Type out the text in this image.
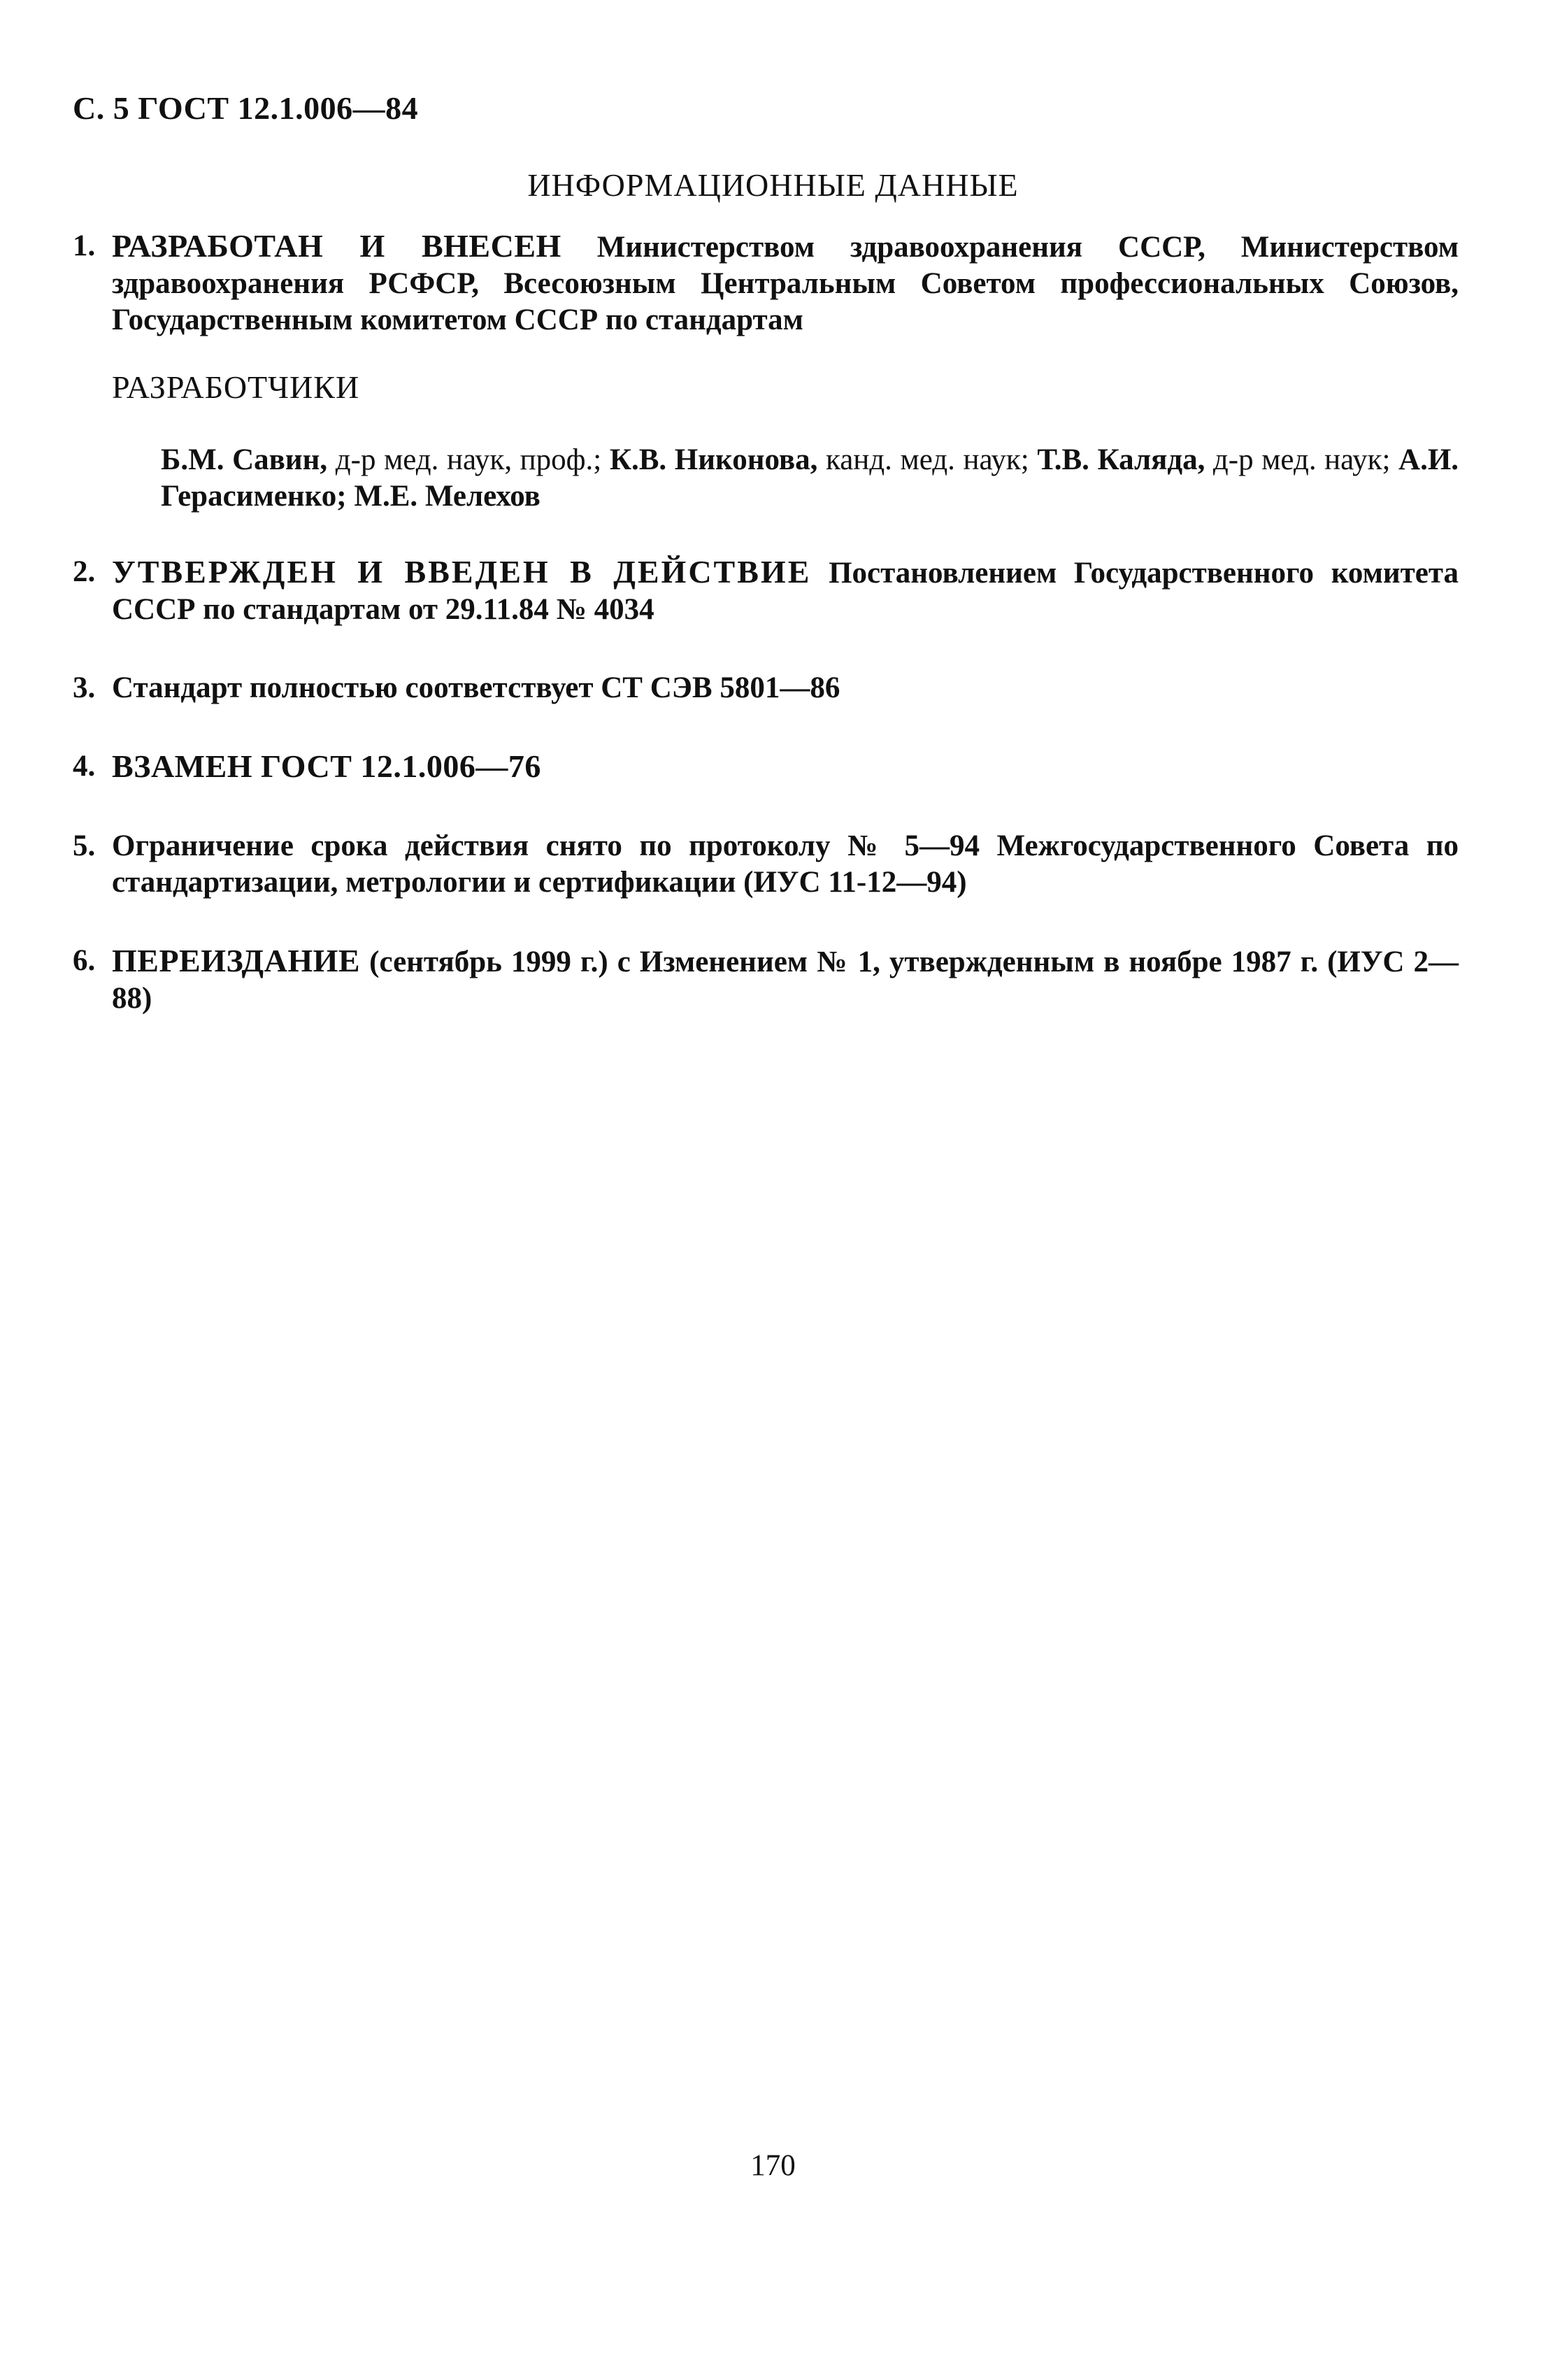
С. 5 ГОСТ 12.1.006—84
ИНФОРМАЦИОННЫЕ ДАННЫЕ
1. РАЗРАБОТАН И ВНЕСЕН Министерством здравоохранения СССР, Министерством здравоохранения РСФСР, Всесоюзным Центральным Советом профессиональных Союзов, Государственным комитетом СССР по стандартам
РАЗРАБОТЧИКИ
Б.М. Савин, д-р мед. наук, проф.; К.В. Никонова, канд. мед. наук; Т.В. Каляда, д-р мед. наук; А.И. Герасименко; М.Е. Мелехов
2. УТВЕРЖДЕН И ВВЕДЕН В ДЕЙСТВИЕ Постановлением Государственного комитета СССР по стандартам от 29.11.84 № 4034
3. Стандарт полностью соответствует СТ СЭВ 5801—86
4. ВЗАМЕН ГОСТ 12.1.006—76
5. Ограничение срока действия снято по протоколу № 5—94 Межгосударственного Совета по стандартизации, метрологии и сертификации (ИУС 11-12—94)
6. ПЕРЕИЗДАНИЕ (сентябрь 1999 г.) с Изменением № 1, утвержденным в ноябре 1987 г. (ИУС 2—88)
170
